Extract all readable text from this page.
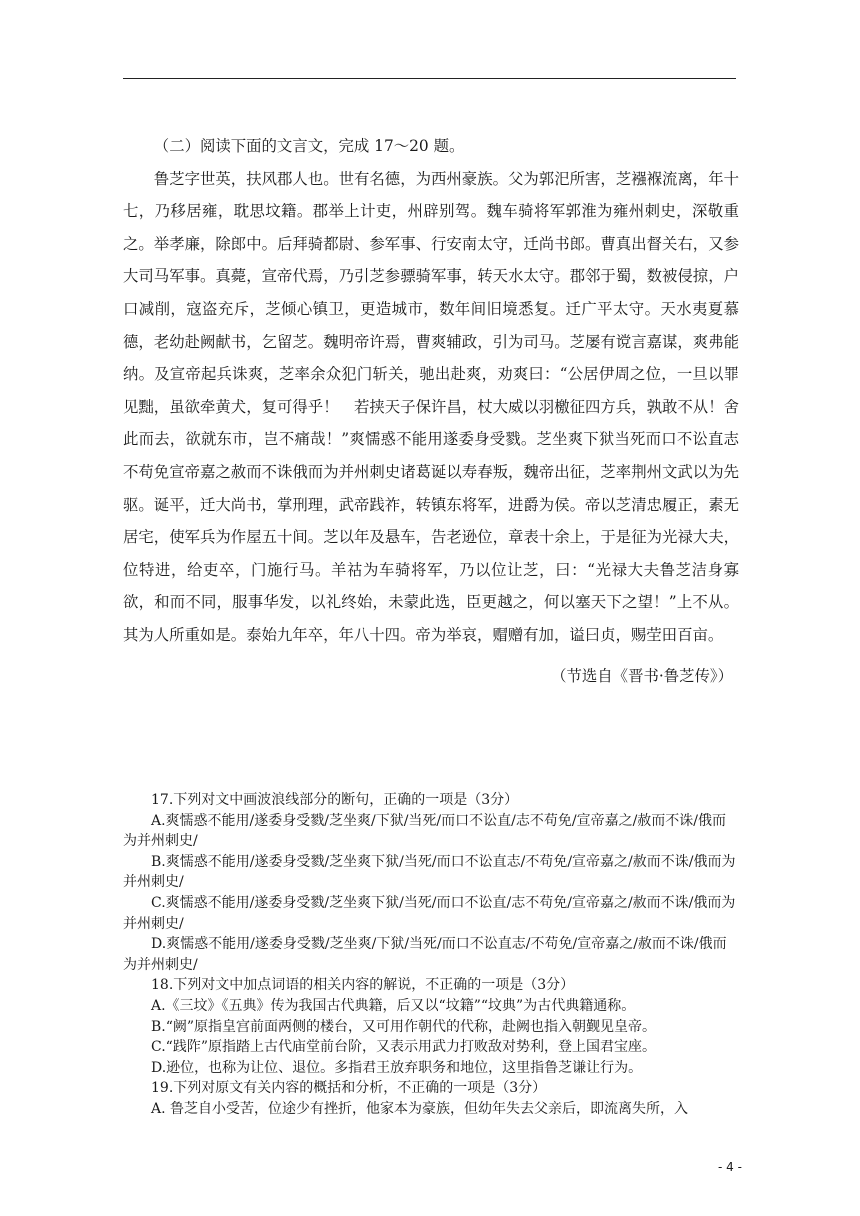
（二）阅读下面的文言文，完成 17～20 题。

鲁芝字世英，扶风郡人也。世有名德，为西州豪族。父为郭汜所害，芝襁褓流离，年十七，乃移居雍，耽思坟籍。郡举上计吏，州辟别驾。魏车骑将军郭淮为雍州刺史，深敬重之。举孝廉，除郎中。后拜骑都尉、参军事、行安南太守，迁尚书郎。曹真出督关右，又参大司马军事。真薨，宣帝代焉，乃引芝参骠骑军事，转天水太守。郡邻于蜀，数被侵掠，户口减削，寇盗充斥，芝倾心镇卫，更造城市，数年间旧境悉复。迁广平太守。天水夷夏慕德，老幼赴阙献书，乞留芝。魏明帝许焉，曹爽辅政，引为司马。芝屡有谠言嘉谋，爽弗能纳。及宣帝起兵诛爽，芝率余众犯门斩关，驰出赴爽，劝爽曰：“公居伊周之位，一旦以罪见黜，虽欲牵黄犬，复可得乎！　若挟天子保许昌，杖大威以羽檄征四方兵，孰敢不从！舍此而去，欲就东市，岂不痛哉！”爽懦惑不能用遂委身受戮。芝坐爽下狱当死而口不讼直志不苟免宣帝嘉之赦而不诛俄而为并州刺史诸葛诞以寿春叛，魏帝出征，芝率荆州文武以为先驱。诞平，迁大尚书，掌刑理，武帝践祚，转镇东将军，进爵为侯。帝以芝清忠履正，素无居宅，使军兵为作屋五十间。芝以年及悬车，告老逊位，章表十余上，于是征为光禄大夫，位特进，给吏卒，门施行马。羊祜为车骑将军，乃以位让芝，曰：“光禄大夫鲁芝洁身寡欲，和而不同，服事华发，以礼终始，未蒙此选，臣更越之，何以塞天下之望！”上不从。其为人所重如是。泰始九年卒，年八十四。帝为举哀，赗赠有加，谥曰贞，赐茔田百亩。

（节选自《晋书·鲁芝传》）

17.下列对文中画波浪线部分的断句，正确的一项是（3分）

A.爽懦惑不能用/遂委身受戮/芝坐爽/下狱/当死/而口不讼直/志不苟免/宣帝嘉之/赦而不诛/俄而为并州刺史/

B.爽懦惑不能用/遂委身受戮/芝坐爽下狱/当死/而口不讼直志/不苟免/宣帝嘉之/赦而不诛/俄而为并州刺史/

C.爽懦惑不能用/遂委身受戮/芝坐爽下狱/当死/而口不讼直/志不苟免/宣帝嘉之/赦而不诛/俄而为并州刺史/

D.爽懦惑不能用/遂委身受戮/芝坐爽/下狱/当死/而口不讼直志/不苟免/宣帝嘉之/赦而不诛/俄而为并州刺史/

18.下列对文中加点词语的相关内容的解说，不正确的一项是（3分）

A.《三坟》《五典》传为我国古代典籍，后又以“坟籍”“坟典”为古代典籍通称。

B.“阙”原指皇宫前面两侧的楼台，又可用作朝代的代称，赴阙也指入朝觐见皇帝。

C.“践阼”原指踏上古代庙堂前台阶，又表示用武力打败敌对势利，登上国君宝座。

D.逊位，也称为让位、退位。多指君王放弃职务和地位，这里指鲁芝谦让行为。

19.下列对原文有关内容的概括和分析，不正确的一项是（3分）

A. 鲁芝自小受苦，位途少有挫折，他家本为豪族，但幼年失去父亲后，即流离失所，入

- 4 -
